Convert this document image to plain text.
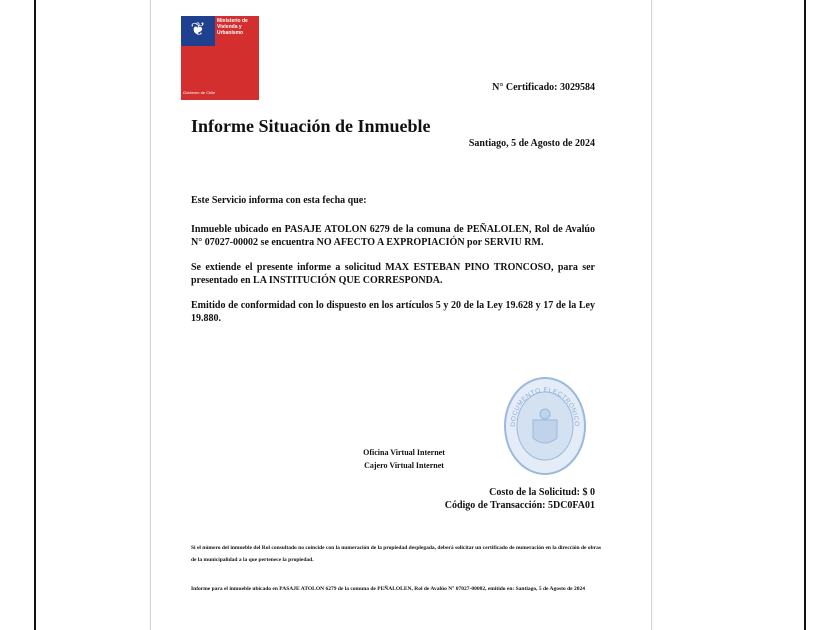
❦	Ministerio de Vivienda y Urbanismo
Gobierno de Chile	N° Certificado: 3029584
Informe Situación de Inmueble
Santiago, 5 de Agosto de 2024

Este Servicio informa con esta fecha que:

Inmueble ubicado en PASAJE ATOLON 6279 de la comuna de PEÑALOLEN, Rol de Avalúo N° 07027-00002 se encuentra NO AFECTO A EXPROPIACIÓN por SERVIU RM.

Se extiende el presente informe a solicitud MAX ESTEBAN PINO TRONCOSO, para ser presentado en LA INSTITUCIÓN QUE CORRESPONDA.

Emitido de conformidad con lo dispuesto en los artículos 5 y 20 de la Ley 19.628 y 17 de la Ley 19.880.

DOCUMENTO ELECTRÓNICO
Oficina Virtual Internet
Cajero Virtual Internet
Costo de la Solicitud: $ 0
Código de Transacción: 5DC0FA01
Si el número del inmueble del Rol consultado no coincide con la numeración de la propiedad desplegada, deberá solicitar un certificado de numeración en la dirección de obras de la municipalidad a la que pertenece la propiedad.
Informe para el inmueble ubicado en PASAJE ATOLON 6279 de la comuna de PEÑALOLEN, Rol de Avalúo N° 07027-00002, emitido en: Santiago, 5 de Agosto de 2024
